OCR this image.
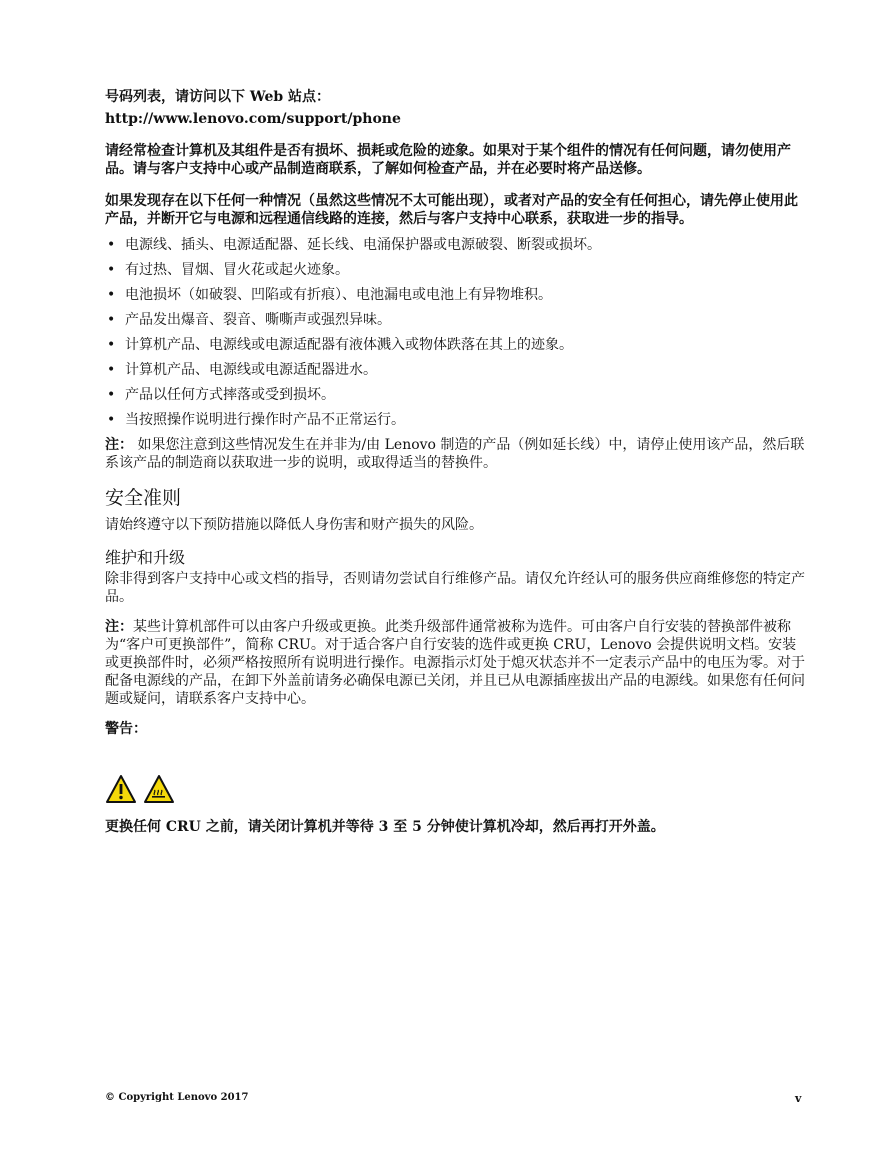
号码列表，请访问以下 Web 站点：

http://www.lenovo.com/support/phone

请经常检查计算机及其组件是否有损坏、损耗或危险的迹象。如果对于某个组件的情况有任何问题，请勿使用产品。请与客户支持中心或产品制造商联系，了解如何检查产品，并在必要时将产品送修。

如果发现存在以下任何一种情况（虽然这些情况不太可能出现），或者对产品的安全有任何担心，请先停止使用此产品，并断开它与电源和远程通信线路的连接，然后与客户支持中心联系，获取进一步的指导。

• 电源线、插头、电源适配器、延长线、电涌保护器或电源破裂、断裂或损坏。
• 有过热、冒烟、冒火花或起火迹象。
• 电池损坏（如破裂、凹陷或有折痕）、电池漏电或电池上有异物堆积。
• 产品发出爆音、裂音、嘶嘶声或强烈异味。
• 计算机产品、电源线或电源适配器有液体溅入或物体跌落在其上的迹象。
• 计算机产品、电源线或电源适配器进水。
• 产品以任何方式摔落或受到损坏。
• 当按照操作说明进行操作时产品不正常运行。

注： 如果您注意到这些情况发生在并非为/由 Lenovo 制造的产品（例如延长线）中，请停止使用该产品，然后联系该产品的制造商以获取进一步的说明，或取得适当的替换件。

安全准则

请始终遵守以下预防措施以降低人身伤害和财产损失的风险。

维护和升级

除非得到客户支持中心或文档的指导，否则请勿尝试自行维修产品。请仅允许经认可的服务供应商维修您的特定产品。

注：某些计算机部件可以由客户升级或更换。此类升级部件通常被称为选件。可由客户自行安装的替换部件被称为“客户可更换部件”，简称 CRU。对于适合客户自行安装的选件或更换 CRU，Lenovo 会提供说明文档。安装或更换部件时，必须严格按照所有说明进行操作。电源指示灯处于熄灭状态并不一定表示产品中的电压为零。对于配备电源线的产品，在卸下外盖前请务必确保电源已关闭，并且已从电源插座拔出产品的电源线。如果您有任何问题或疑问，请联系客户支持中心。

警告：

更换任何 CRU 之前，请关闭计算机并等待 3 至 5 分钟使计算机冷却，然后再打开外盖。

© Copyright Lenovo 2017	v
